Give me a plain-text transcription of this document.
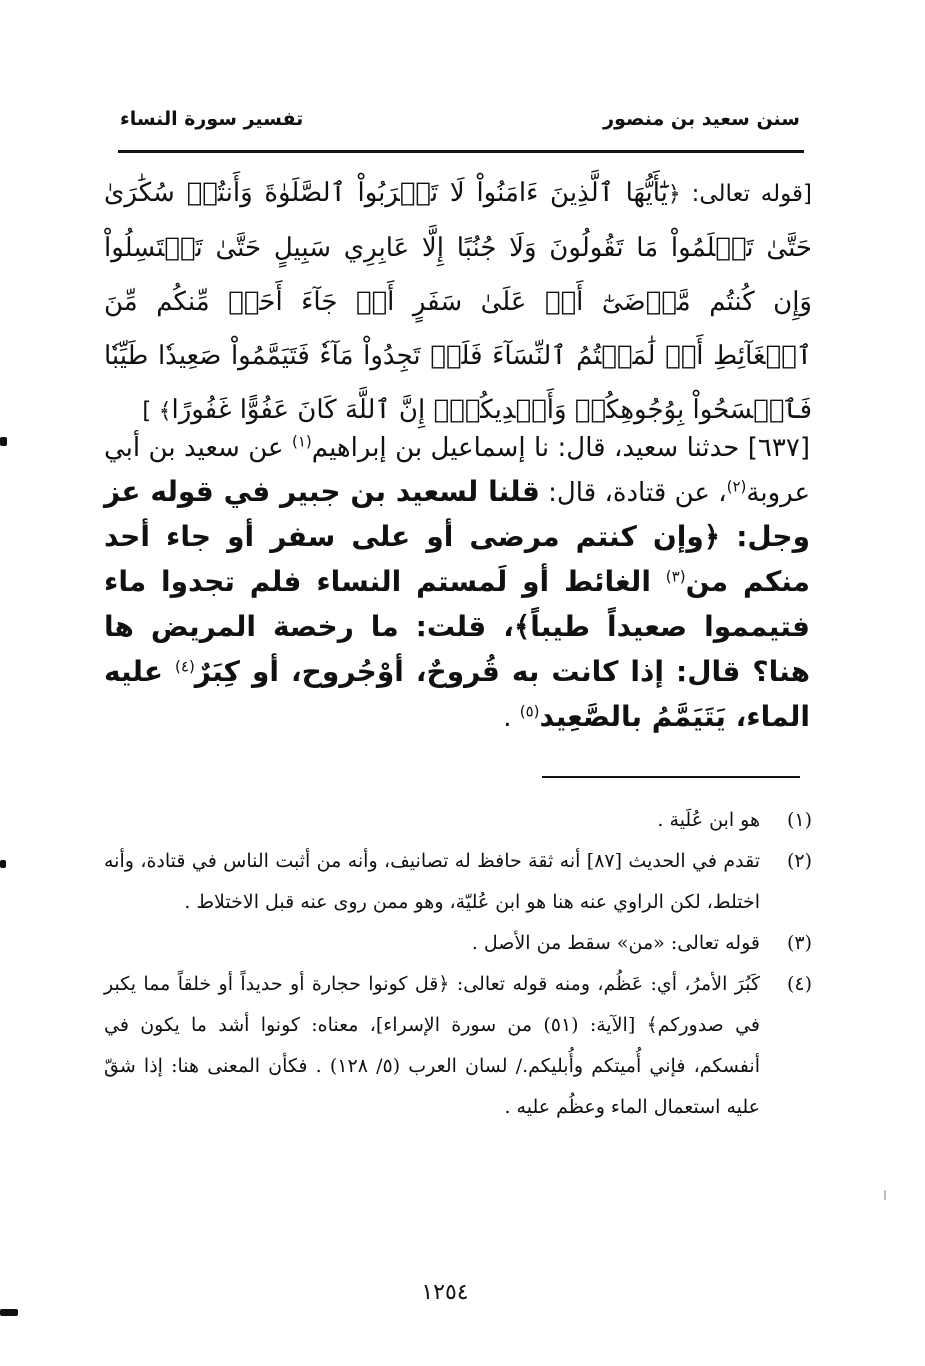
سنن سعيد بن منصور
تفسير سورة النساء
[قوله تعالى: ﴿يَٰٓأَيُّهَا ٱلَّذِينَ ءَامَنُواْ لَا تَقۡرَبُواْ ٱلصَّلَوٰةَ وَأَنتُمۡ سُكَٰرَىٰ حَتَّىٰ تَعۡلَمُواْ مَا تَقُولُونَ وَلَا جُنُبًا إِلَّا عَابِرِي سَبِيلٍ حَتَّىٰ تَغۡتَسِلُواْ وَإِن كُنتُم مَّرۡضَىٰٓ أَوۡ عَلَىٰ سَفَرٍ أَوۡ جَآءَ أَحَدٞ مِّنكُم مِّنَ ٱلۡغَآئِطِ أَوۡ لَٰمَسۡتُمُ ٱلنِّسَآءَ فَلَمۡ تَجِدُواْ مَآءٗ فَتَيَمَّمُواْ صَعِيدٗا طَيِّبٗا فَٱمۡسَحُواْ بِوُجُوهِكُمۡ وَأَيۡدِيكُمۡۗ إِنَّ ٱللَّهَ كَانَ عَفُوًّا غَفُورًا﴾ ]
[٦٣٧] حدثنا سعيد، قال: نا إسماعيل بن إبراهيم$^{(١)}$ عن سعيد بن أبي عروبة$^{(٢)}$، عن قتادة، قال: قلنا لسعيد بن جبير في قوله عز وجل: ﴿وإن كنتم مرضى أو على سفر أو جاء أحد منكم من$^{(٣)}$ الغائط أو لَمستم النساء فلم تجدوا ماء فتيمموا صعيداً طيباً﴾، قلت: ما رخصة المريض ها هنا؟ قال: إذا كانت به قُروحٌ، أوْجُروح، أو كِبَرٌ$^{(٤)}$ عليه الماء، يَتَيَمَّمُ بالصَّعِيد$^{(٥)}$ .
(١)
هو ابن عُلَية .
(٢)
تقدم في الحديث [٨٧] أنه ثقة حافظ له تصانيف، وأنه من أثبت الناس في قتادة، وأنه اختلط، لكن الراوي عنه هنا هو ابن عُليّة، وهو ممن روى عنه قبل الاختلاط .
(٣)
قوله تعالى: «من» سقط من الأصل .
(٤)
كَبُرَ الأمرُ، أي: عَظُم، ومنه قوله تعالى: ﴿قل كونوا حجارة أو حديداً أو خلقاً مما يكبر في صدوركم﴾ [الآية: (٥١) من سورة الإسراء]، معناه: كونوا أشد ما يكون في أنفسكم، فإني أُميتكم وأُبليكم./ لسان العرب (٥/ ١٢٨) . فكأن المعنى هنا: إذا شقّ عليه استعمال الماء وعظُم عليه .
١٢٥٤
